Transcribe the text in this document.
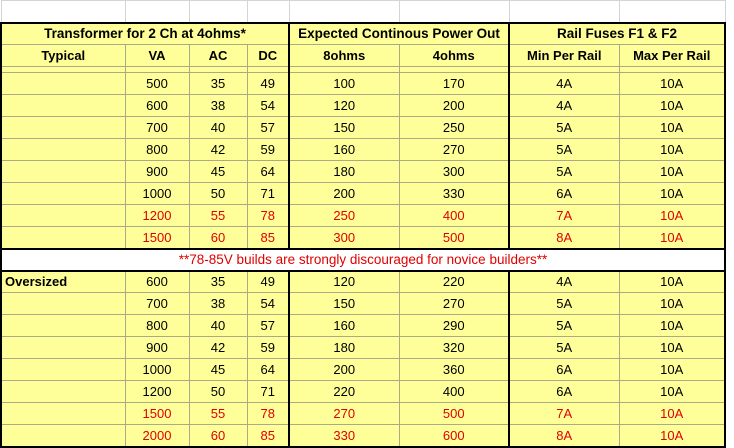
Transformer for 2 Ch at 4ohms*				Expected Continous Power Out		Rail Fuses F1 & F2	
Typical	VA	AC	DC	8ohms	4ohms	Min Per Rail	Max Per Rail

	500	35	49	100	170	4A	10A
	600	38	54	120	200	4A	10A
	700	40	57	150	250	5A	10A
	800	42	59	160	270	5A	10A
	900	45	64	180	300	5A	10A
	1000	50	71	200	330	6A	10A
	1200	55	78	250	400	7A	10A
	1500	60	85	300	500	8A	10A
**78-85V builds are strongly discouraged for novice builders**							
Oversized	600	35	49	120	220	4A	10A
	700	38	54	150	270	5A	10A
	800	40	57	160	290	5A	10A
	900	42	59	180	320	5A	10A
	1000	45	64	200	360	6A	10A
	1200	50	71	220	400	6A	10A
	1500	55	78	270	500	7A	10A
	2000	60	85	330	600	8A	10A
